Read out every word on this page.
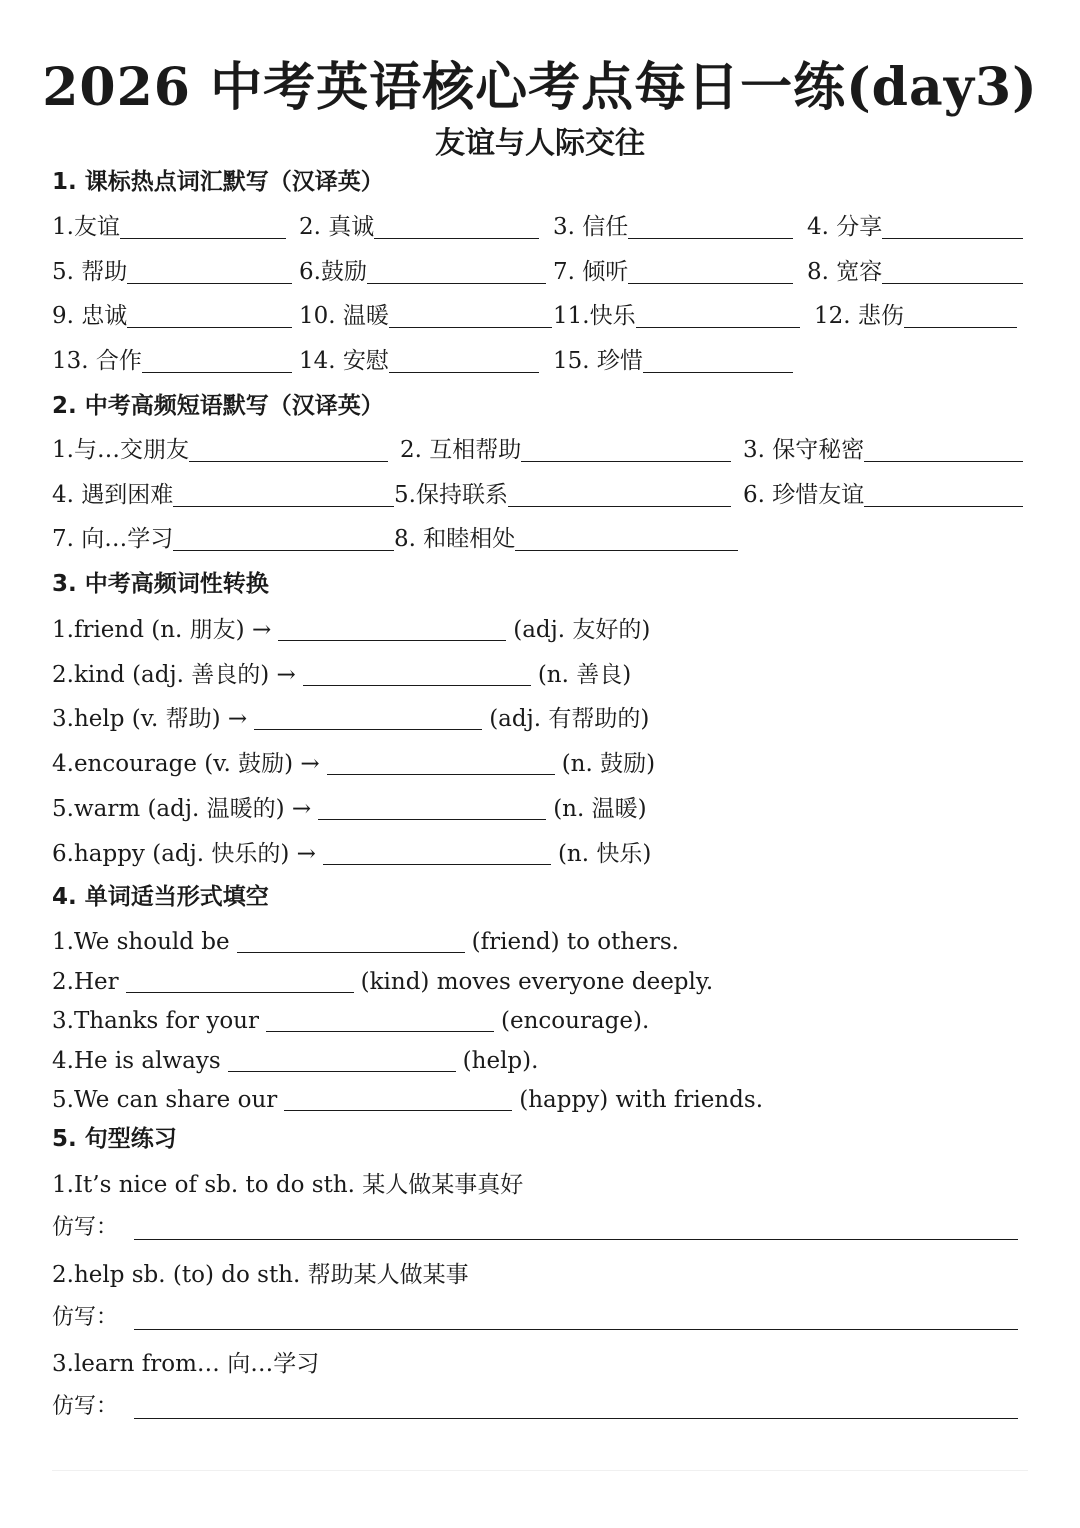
2026 中考英语核心考点每日一练(day3)
友谊与人际交往
1. 课标热点词汇默写（汉译英）
1.友谊	2. 真诚	3. 信任	4. 分享
5. 帮助	6.鼓励	7. 倾听	8. 宽容
9. 忠诚	10. 温暖	11.快乐	12. 悲伤
13. 合作	14. 安慰	15. 珍惜
2. 中考高频短语默写（汉译英）
1.与…交朋友	2. 互相帮助	3. 保守秘密
4. 遇到困难	5.保持联系	6. 珍惜友谊
7. 向…学习	8. 和睦相处
3. 中考高频词性转换
1.friend (n. 朋友) →	(adj. 友好的)
2.kind (adj. 善良的) →	(n. 善良)
3.help (v. 帮助) →	(adj. 有帮助的)
4.encourage (v. 鼓励) →	(n. 鼓励)
5.warm (adj. 温暖的) →	(n. 温暖)
6.happy (adj. 快乐的) →	(n. 快乐)
4. 单词适当形式填空
1.We should be	(friend) to others.
2.Her	(kind) moves everyone deeply.
3.Thanks for your	(encourage).
4.He is always	(help).
5.We can share our	(happy) with friends.
5. 句型练习
1.It’s nice of sb. to do sth. 某人做某事真好
仿写：
2.help sb. (to) do sth. 帮助某人做某事
仿写：
3.learn from… 向…学习
仿写：
